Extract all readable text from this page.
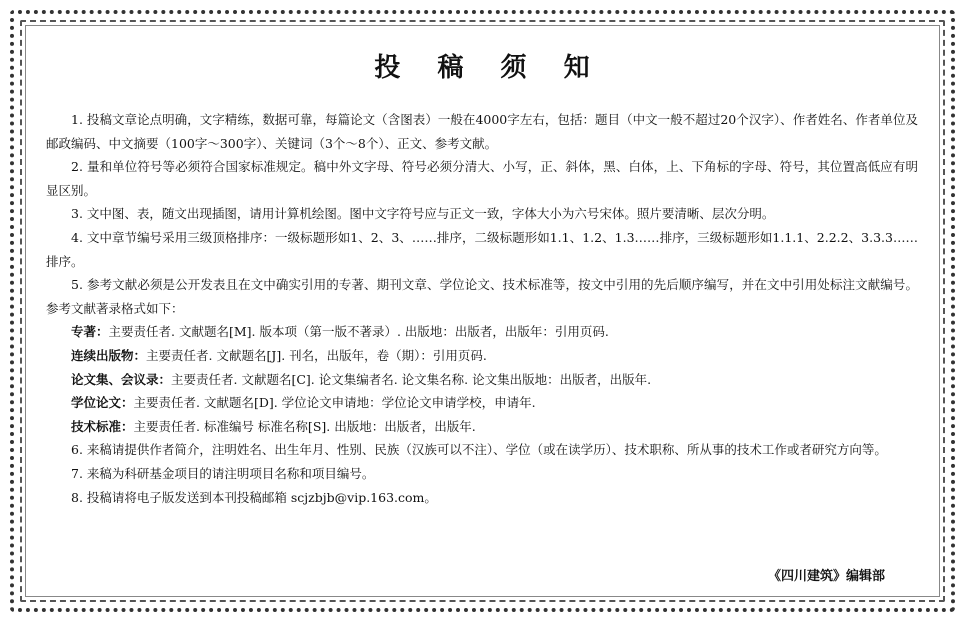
投 稿 须 知

1. 投稿文章论点明确，文字精练，数据可靠，每篇论文（含图表）一般在4000字左右，包括：题目（中文一般不超过20个汉字）、作者姓名、作者单位及邮政编码、中文摘要（100字～300字）、关键词（3个～8个）、正文、参考文献。

2. 量和单位符号等必须符合国家标准规定。稿中外文字母、符号必须分清大、小写，正、斜体，黑、白体，上、下角标的字母、符号，其位置高低应有明显区别。

3. 文中图、表，随文出现插图，请用计算机绘图。图中文字符号应与正文一致，字体大小为六号宋体。照片要清晰、层次分明。

4. 文中章节编号采用三级顶格排序：一级标题形如1、2、3、……排序，二级标题形如1.1、1.2、1.3……排序，三级标题形如1.1.1、2.2.2、3.3.3……排序。

5. 参考文献必须是公开发表且在文中确实引用的专著、期刊文章、学位论文、技术标准等，按文中引用的先后顺序编写，并在文中引用处标注文献编号。参考文献著录格式如下：

专著：主要责任者. 文献题名[M]. 版本项（第一版不著录）. 出版地：出版者，出版年：引用页码.

连续出版物：主要责任者. 文献题名[J]. 刊名，出版年，卷（期）：引用页码.

论文集、会议录：主要责任者. 文献题名[C]. 论文集编者名. 论文集名称. 论文集出版地：出版者，出版年.

学位论文：主要责任者. 文献题名[D]. 学位论文申请地：学位论文申请学校，申请年.

技术标准：主要责任者. 标准编号 标准名称[S]. 出版地：出版者，出版年.

6. 来稿请提供作者简介，注明姓名、出生年月、性别、民族（汉族可以不注）、学位（或在读学历）、技术职称、所从事的技术工作或者研究方向等。

7. 来稿为科研基金项目的请注明项目名称和项目编号。

8. 投稿请将电子版发送到本刊投稿邮箱 scjzbjb@vip.163.com。

《四川建筑》编辑部
